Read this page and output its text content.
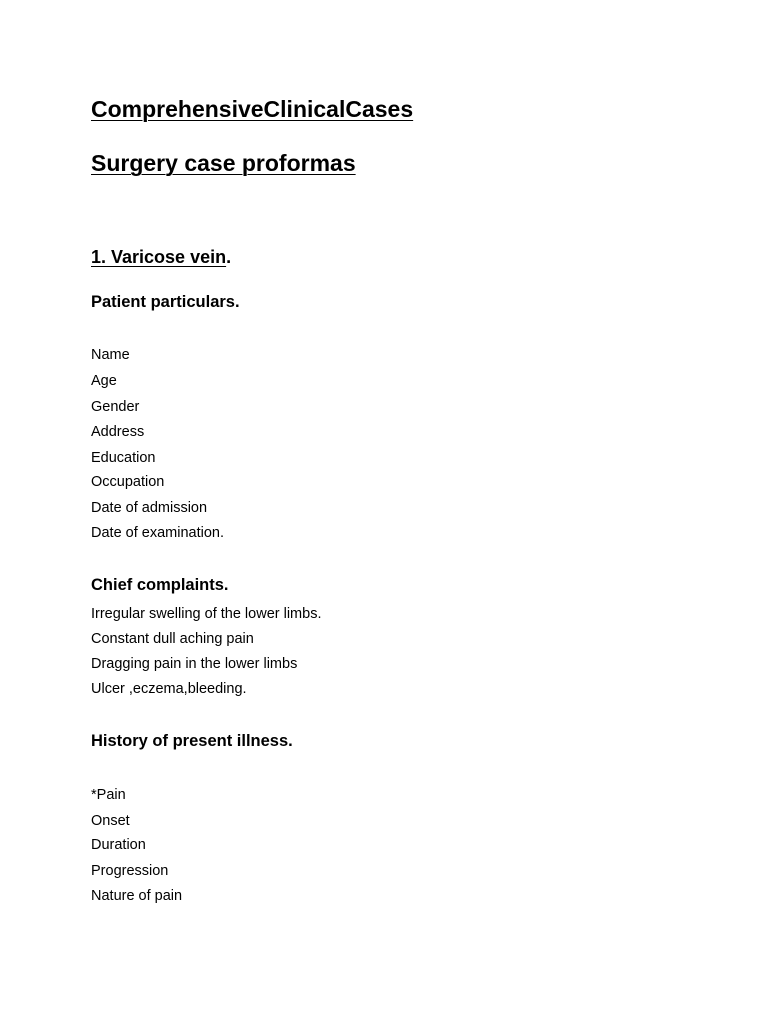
ComprehensiveClinicalCases
Surgery case proformas
1. Varicose vein.
Patient particulars.
Name
Age
Gender
Address
Education
Occupation
Date of admission
Date of examination.
Chief complaints.
Irregular swelling of the lower limbs.
Constant dull aching pain
Dragging pain in the lower limbs
Ulcer ,eczema,bleeding.
History of present illness.
*Pain
Onset
Duration
Progression
Nature of pain
